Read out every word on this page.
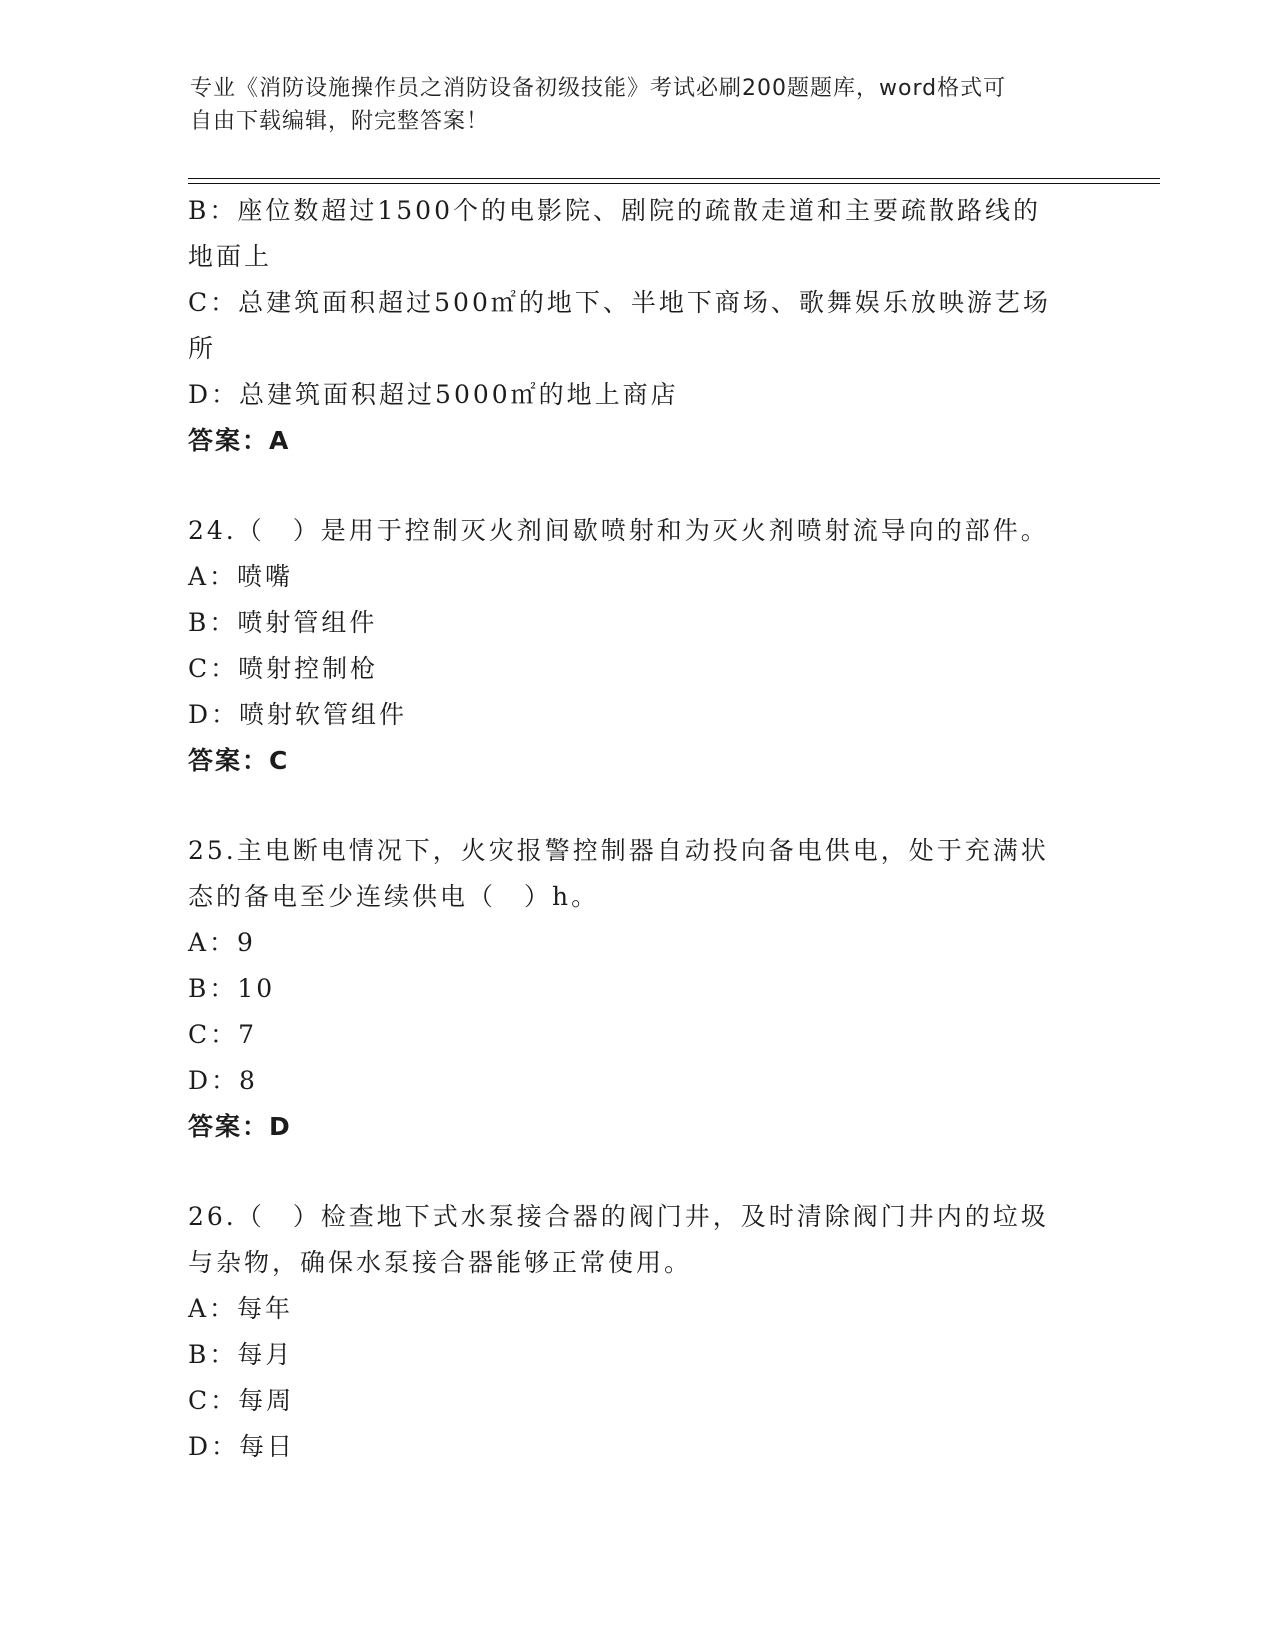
专业《消防设施操作员之消防设备初级技能》考试必刷200题题库，word格式可
自由下载编辑，附完整答案！
B：座位数超过1500个的电影院、剧院的疏散走道和主要疏散路线的
地面上
C：总建筑面积超过500㎡的地下、半地下商场、歌舞娱乐放映游艺场
所
D：总建筑面积超过5000㎡的地上商店
答案：A
24.（　）是用于控制灭火剂间歇喷射和为灭火剂喷射流导向的部件。
A：喷嘴
B：喷射管组件
C：喷射控制枪
D：喷射软管组件
答案：C
25.主电断电情况下，火灾报警控制器自动投向备电供电，处于充满状
态的备电至少连续供电（　）h。
A：9
B：10
C：7
D：8
答案：D
26.（　）检查地下式水泵接合器的阀门井，及时清除阀门井内的垃圾
与杂物，确保水泵接合器能够正常使用。
A：每年
B：每月
C：每周
D：每日
